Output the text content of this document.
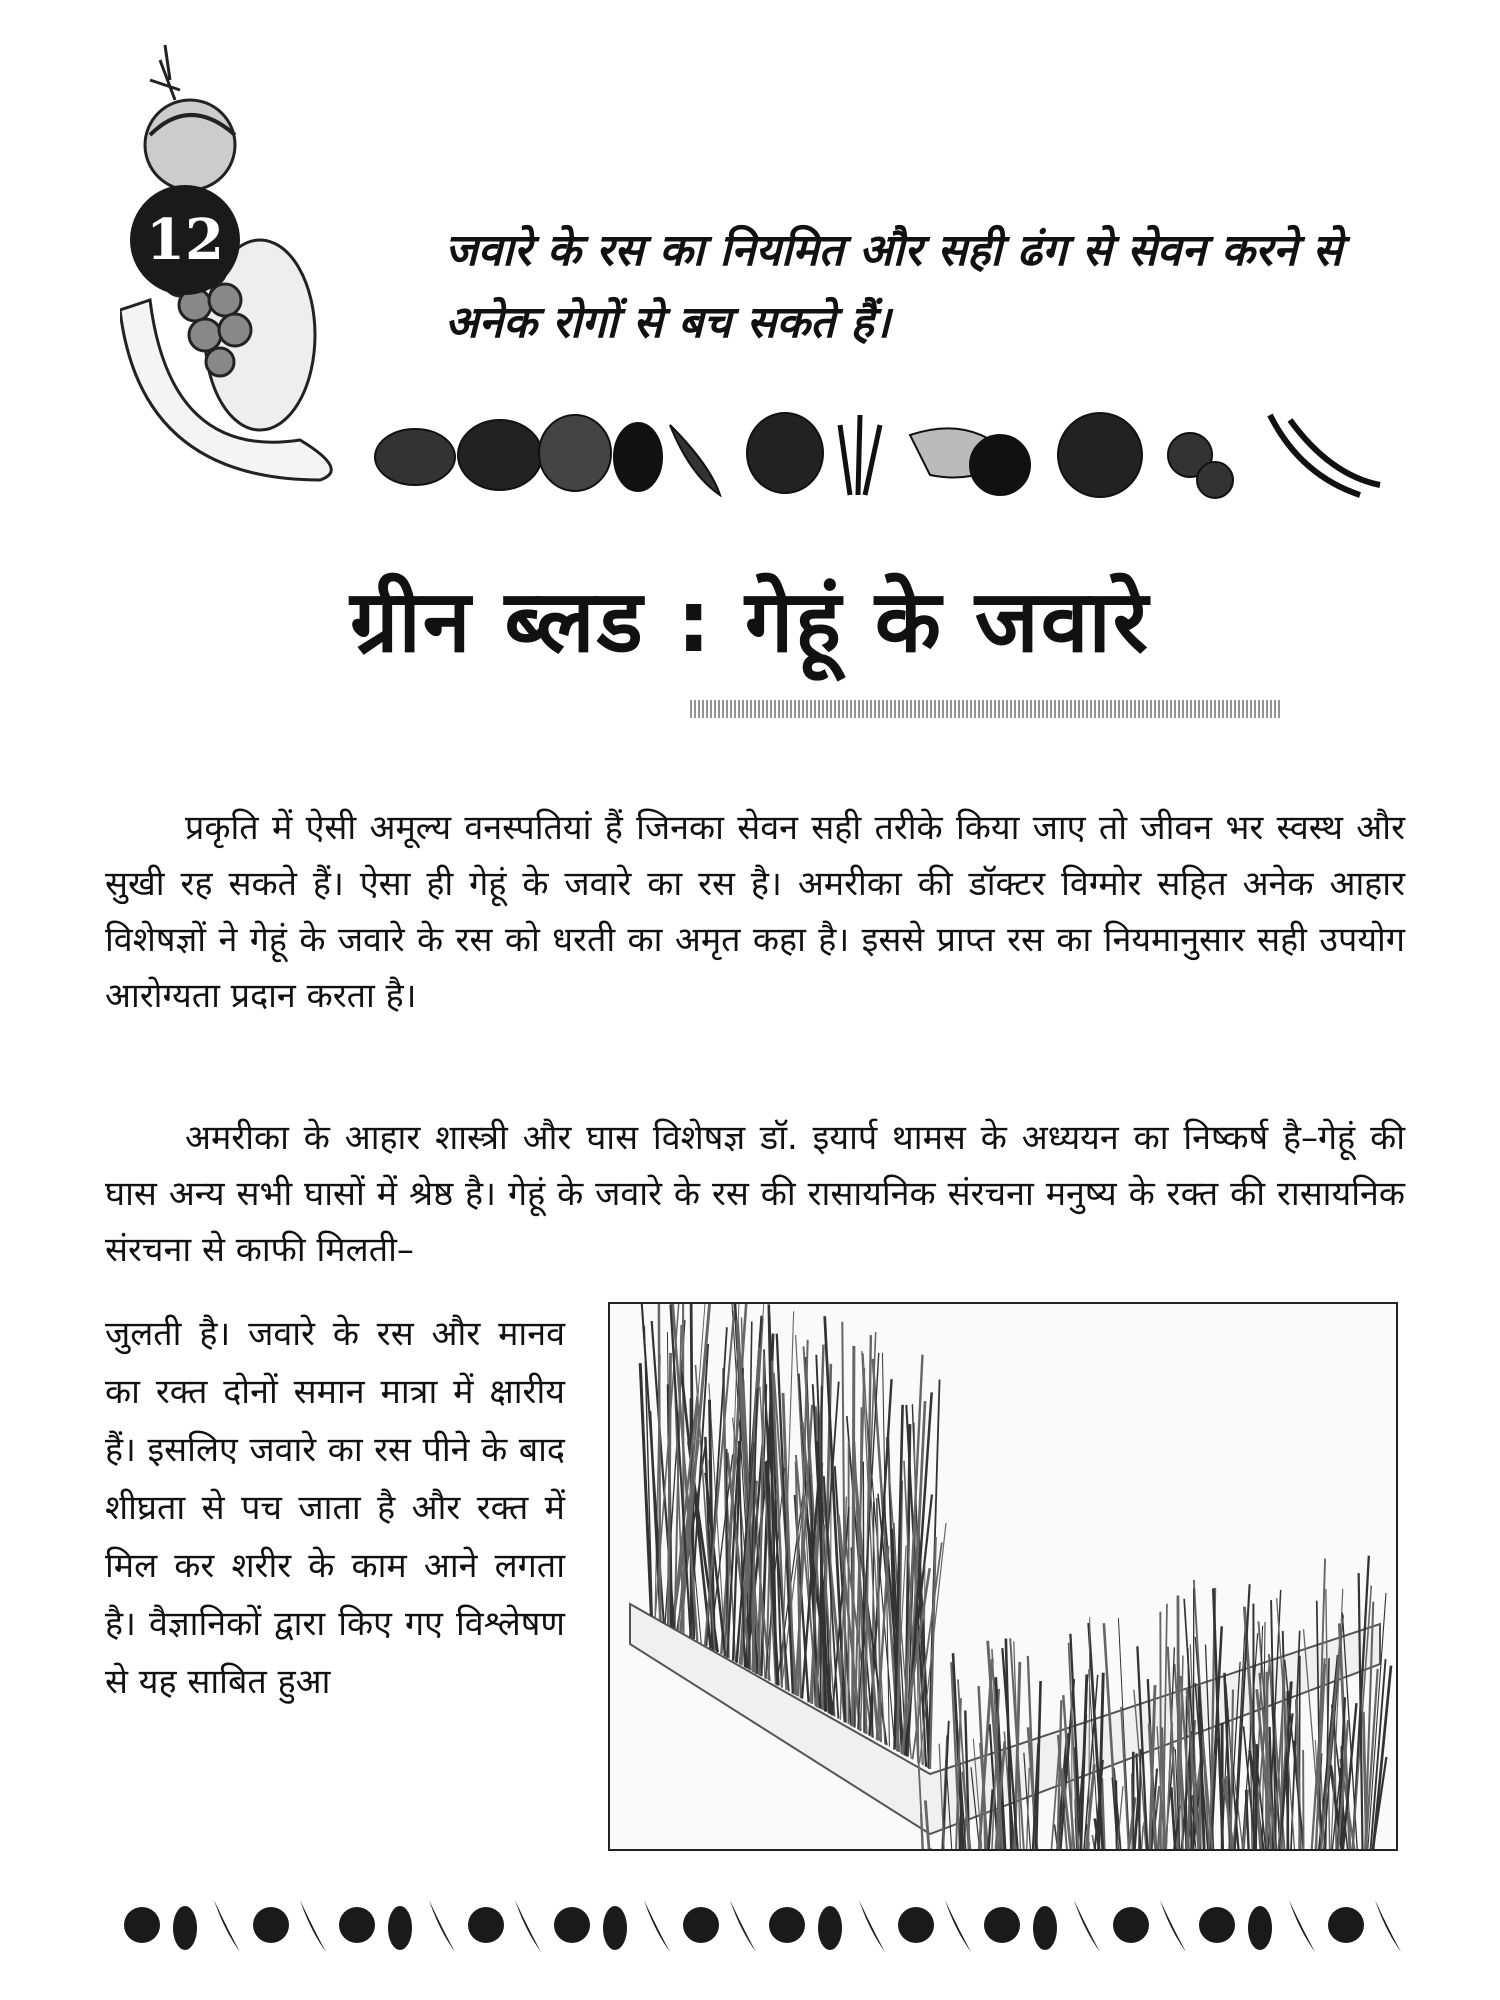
12	जवारे के रस का नियमित और सही ढंग से सेवन करने से अनेक रोगों से बच सकते हैं।

ग्रीन ब्लड : गेहूं के जवारे

प्रकृति में ऐसी अमूल्य वनस्पतियां हैं जिनका सेवन सही तरीके किया जाए तो जीवन भर स्वस्थ और सुखी रह सकते हैं। ऐसा ही गेहूं के जवारे का रस है। अमरीका की डॉक्टर विग्मोर सहित अनेक आहार विशेषज्ञों ने गेहूं के जवारे के रस को धरती का अमृत कहा है। इससे प्राप्त रस का नियमानुसार सही उपयोग आरोग्यता प्रदान करता है।

अमरीका के आहार शास्त्री और घास विशेषज्ञ डॉ. इयार्प थामस के अध्ययन का निष्कर्ष है–गेहूं की घास अन्य सभी घासों में श्रेष्ठ है। गेहूं के जवारे के रस की रासायनिक संरचना मनुष्य के रक्त की रासायनिक संरचना से काफी मिलती–

जुलती है। जवारे के रस और मानव का रक्त दोनों समान मात्रा में क्षारीय हैं। इसलिए जवारे का रस पीने के बाद शीघ्रता से पच जाता है और रक्त में मिल कर शरीर के काम आने लगता है। वैज्ञानिकों द्वारा किए गए विश्लेषण से यह साबित हुआ
